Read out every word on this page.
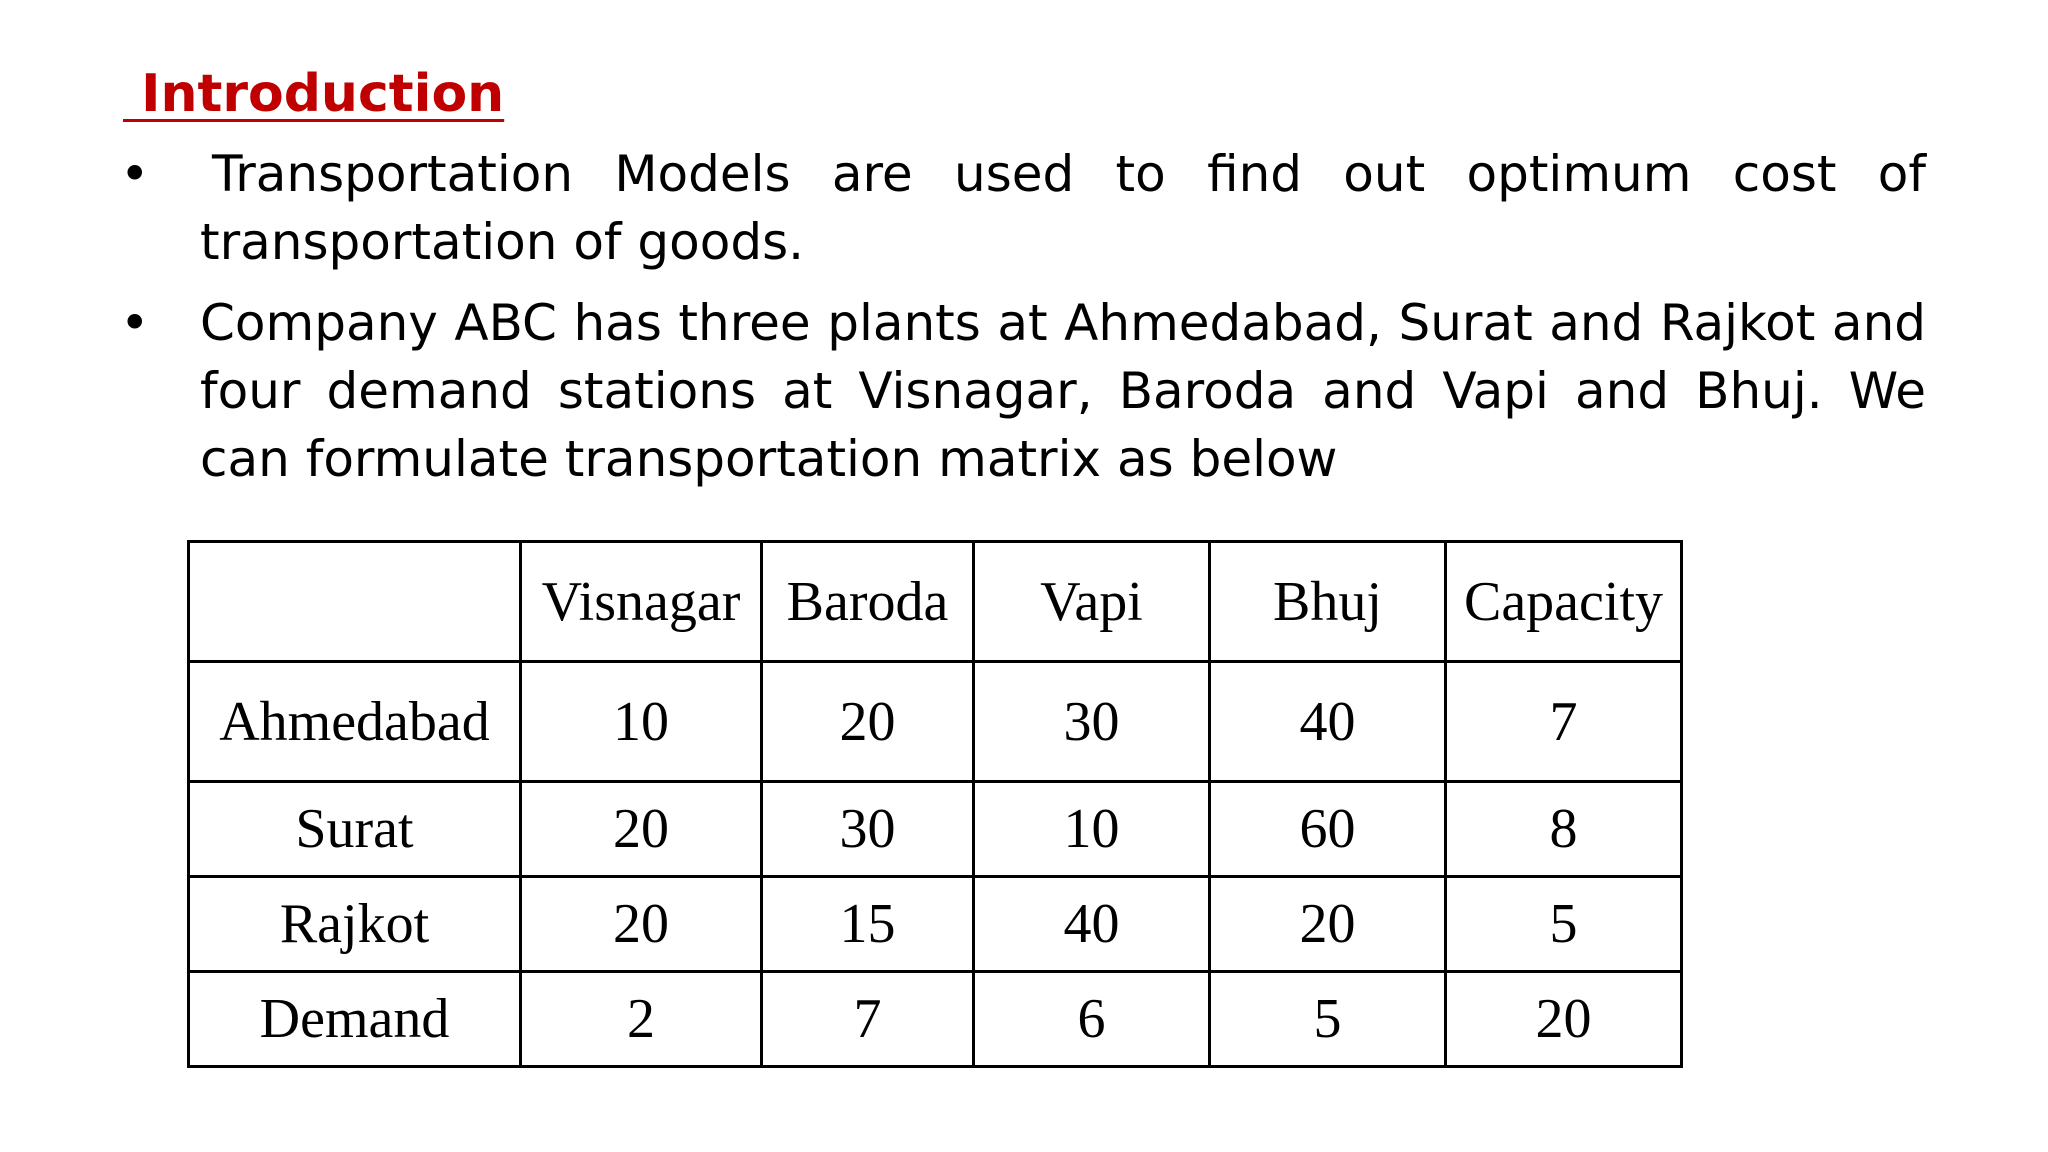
Introduction
• Transportation Models are used to find out optimum cost of transportation of goods.
• Company ABC has three plants at Ahmedabad, Surat and Rajkot and four demand stations at Visnagar, Baroda and Vapi and Bhuj. We can formulate transportation matrix as below
	Visnagar	Baroda	Vapi	Bhuj	Capacity
Ahmedabad	10	20	30	40	7
Surat	20	30	10	60	8
Rajkot	20	15	40	20	5
Demand	2	7	6	5	20
